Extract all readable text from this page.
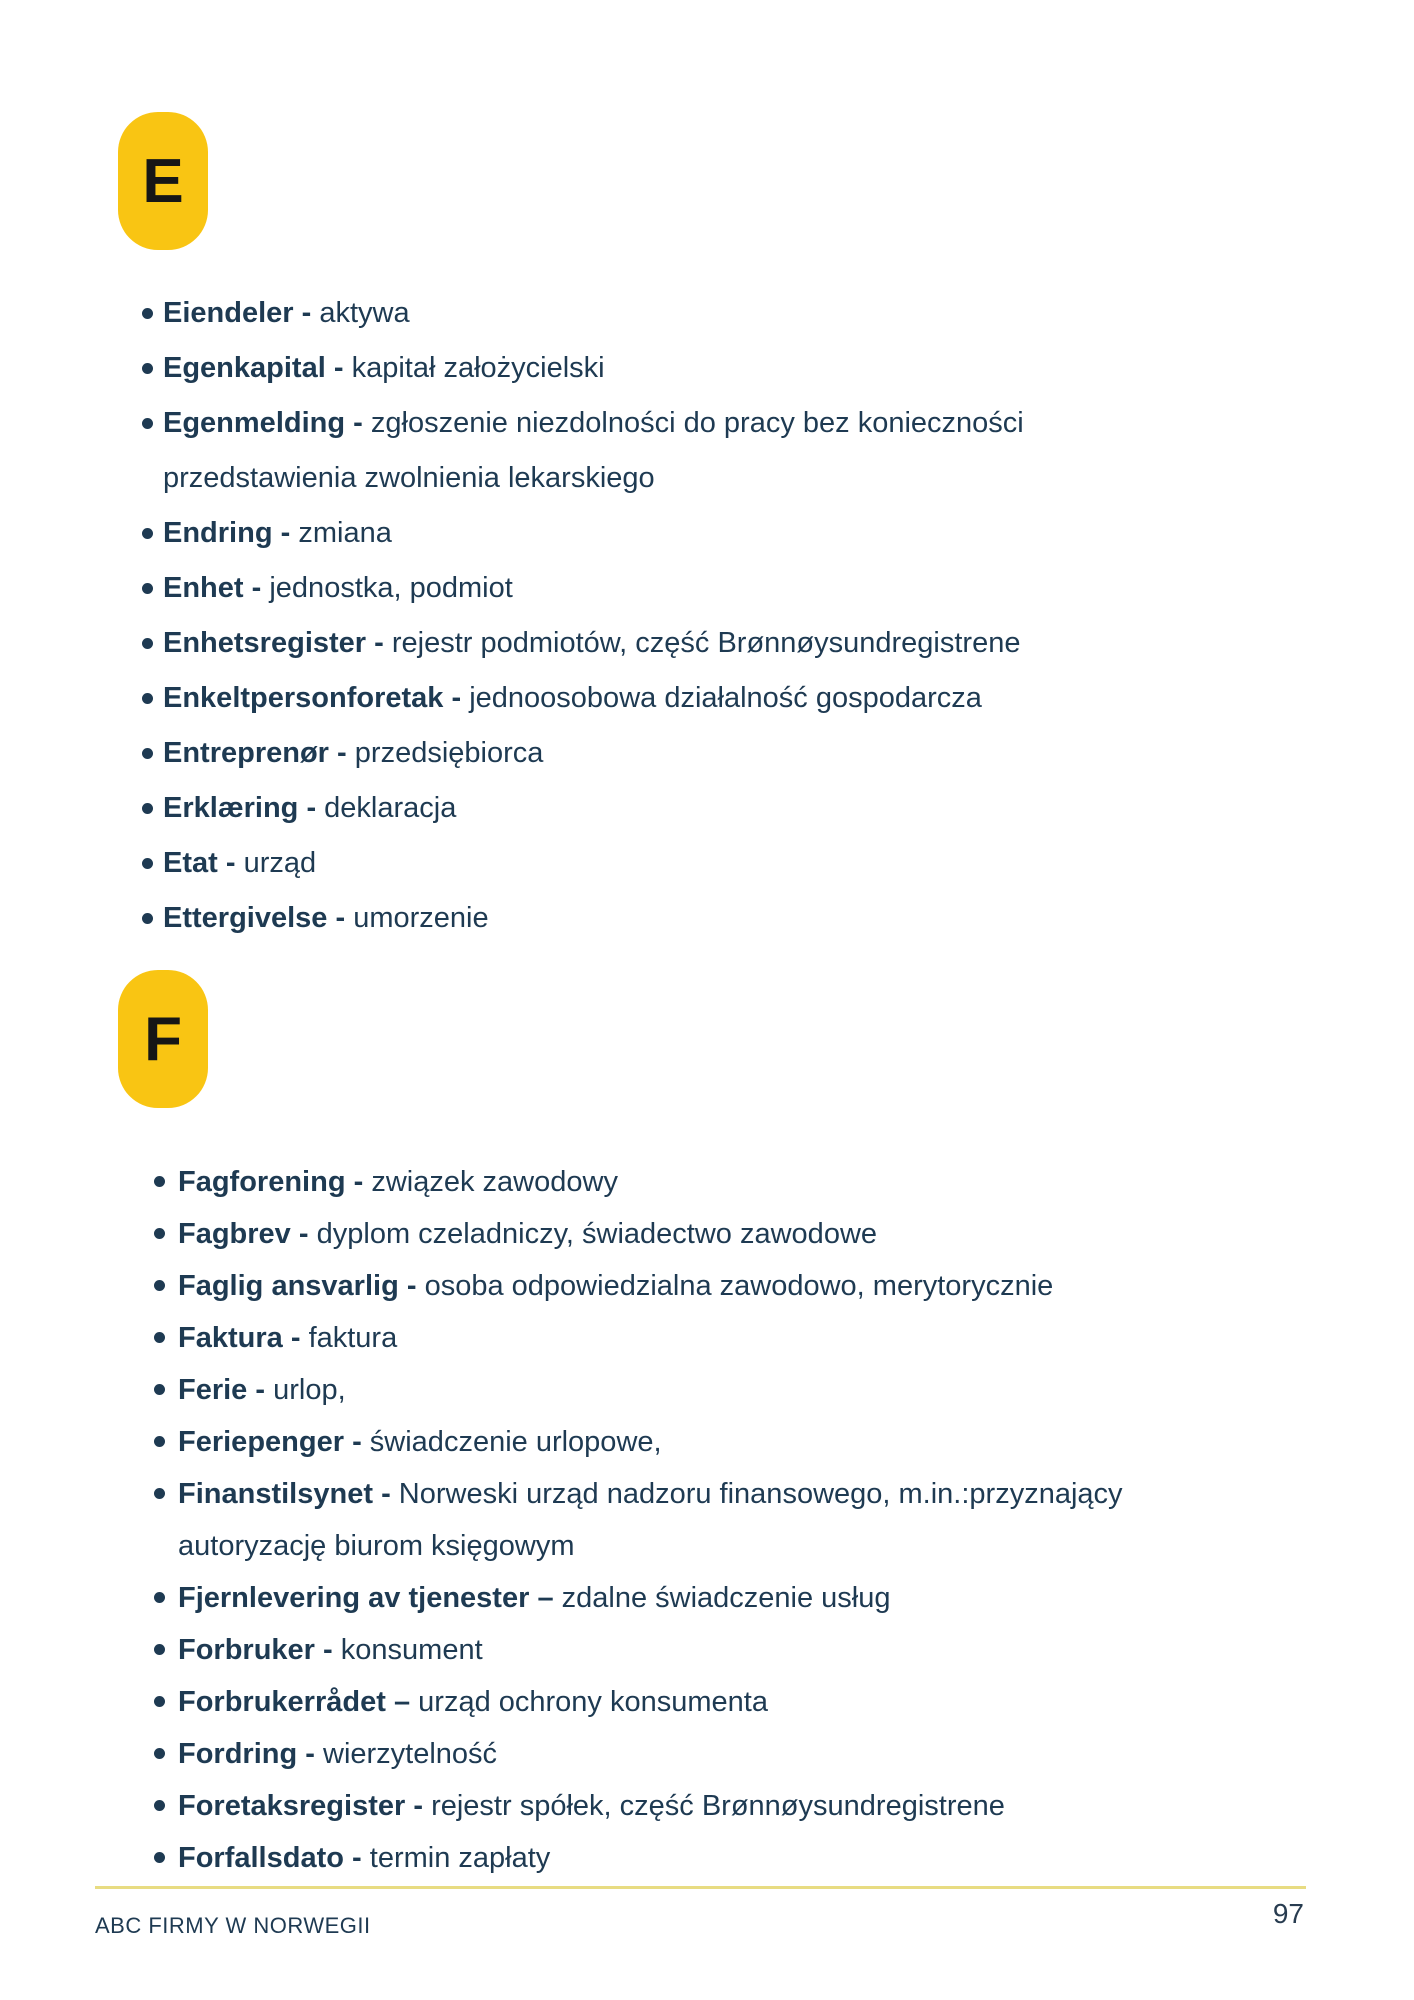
E
Eiendeler - aktywa
Egenkapital - kapitał założycielski
Egenmelding - zgłoszenie niezdolności do pracy bez konieczności
przedstawienia zwolnienia lekarskiego
Endring - zmiana
Enhet - jednostka, podmiot
Enhetsregister - rejestr podmiotów, część Brønnøysundregistrene
Enkeltpersonforetak - jednoosobowa działalność gospodarcza
Entreprenør - przedsiębiorca
Erklæring - deklaracja
Etat - urząd
Ettergivelse - umorzenie
F
Fagforening - związek zawodowy
Fagbrev - dyplom czeladniczy, świadectwo zawodowe
Faglig ansvarlig - osoba odpowiedzialna zawodowo, merytorycznie
Faktura - faktura
Ferie - urlop,
Feriepenger - świadczenie urlopowe,
Finanstilsynet - Norweski urząd nadzoru finansowego, m.in.:przyznający
autoryzację biurom księgowym
Fjernlevering av tjenester – zdalne świadczenie usług
Forbruker - konsument
Forbrukerrådet – urząd ochrony konsumenta
Fordring - wierzytelność
Foretaksregister - rejestr spółek, część Brønnøysundregistrene
Forfallsdato - termin zapłaty
ABC FIRMY W NORWEGII	97
